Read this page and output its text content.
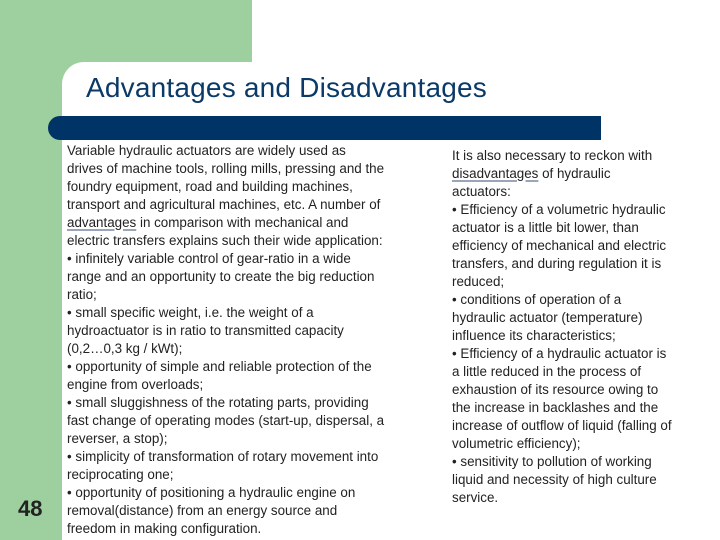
Advantages and Disadvantages
Variable hydraulic actuators are widely used as
drives of machine tools, rolling mills, pressing and the
foundry equipment, road and building machines,
transport and agricultural machines, etc. A number of
advantages in comparison with mechanical and
electric transfers explains such their wide application:
• infinitely variable control of gear-ratio in a wide
range and an opportunity to create the big reduction
ratio;
• small specific weight, i.e. the weight of a
hydroactuator is in ratio to transmitted capacity
(0,2…0,3 kg / kWt);
• opportunity of simple and reliable protection of the
engine from overloads;
• small sluggishness of the rotating parts, providing
fast change of operating modes (start-up, dispersal, a
reverser, a stop);
• simplicity of transformation of rotary movement into
reciprocating one;
• opportunity of positioning a hydraulic engine on
removal(distance) from an energy source and
freedom in making configuration.
It is also necessary to reckon with
disadvantages of hydraulic
actuators:
• Efficiency of a volumetric hydraulic
actuator is a little bit lower, than
efficiency of mechanical and electric
transfers, and during regulation it is
reduced;
• conditions of operation of a
hydraulic actuator (temperature)
influence its characteristics;
• Efficiency of a hydraulic actuator is
a little reduced in the process of
exhaustion of its resource owing to
the increase in backlashes and the
increase of outflow of liquid (falling of
volumetric efficiency);
• sensitivity to pollution of working
liquid and necessity of high culture
service.
48
